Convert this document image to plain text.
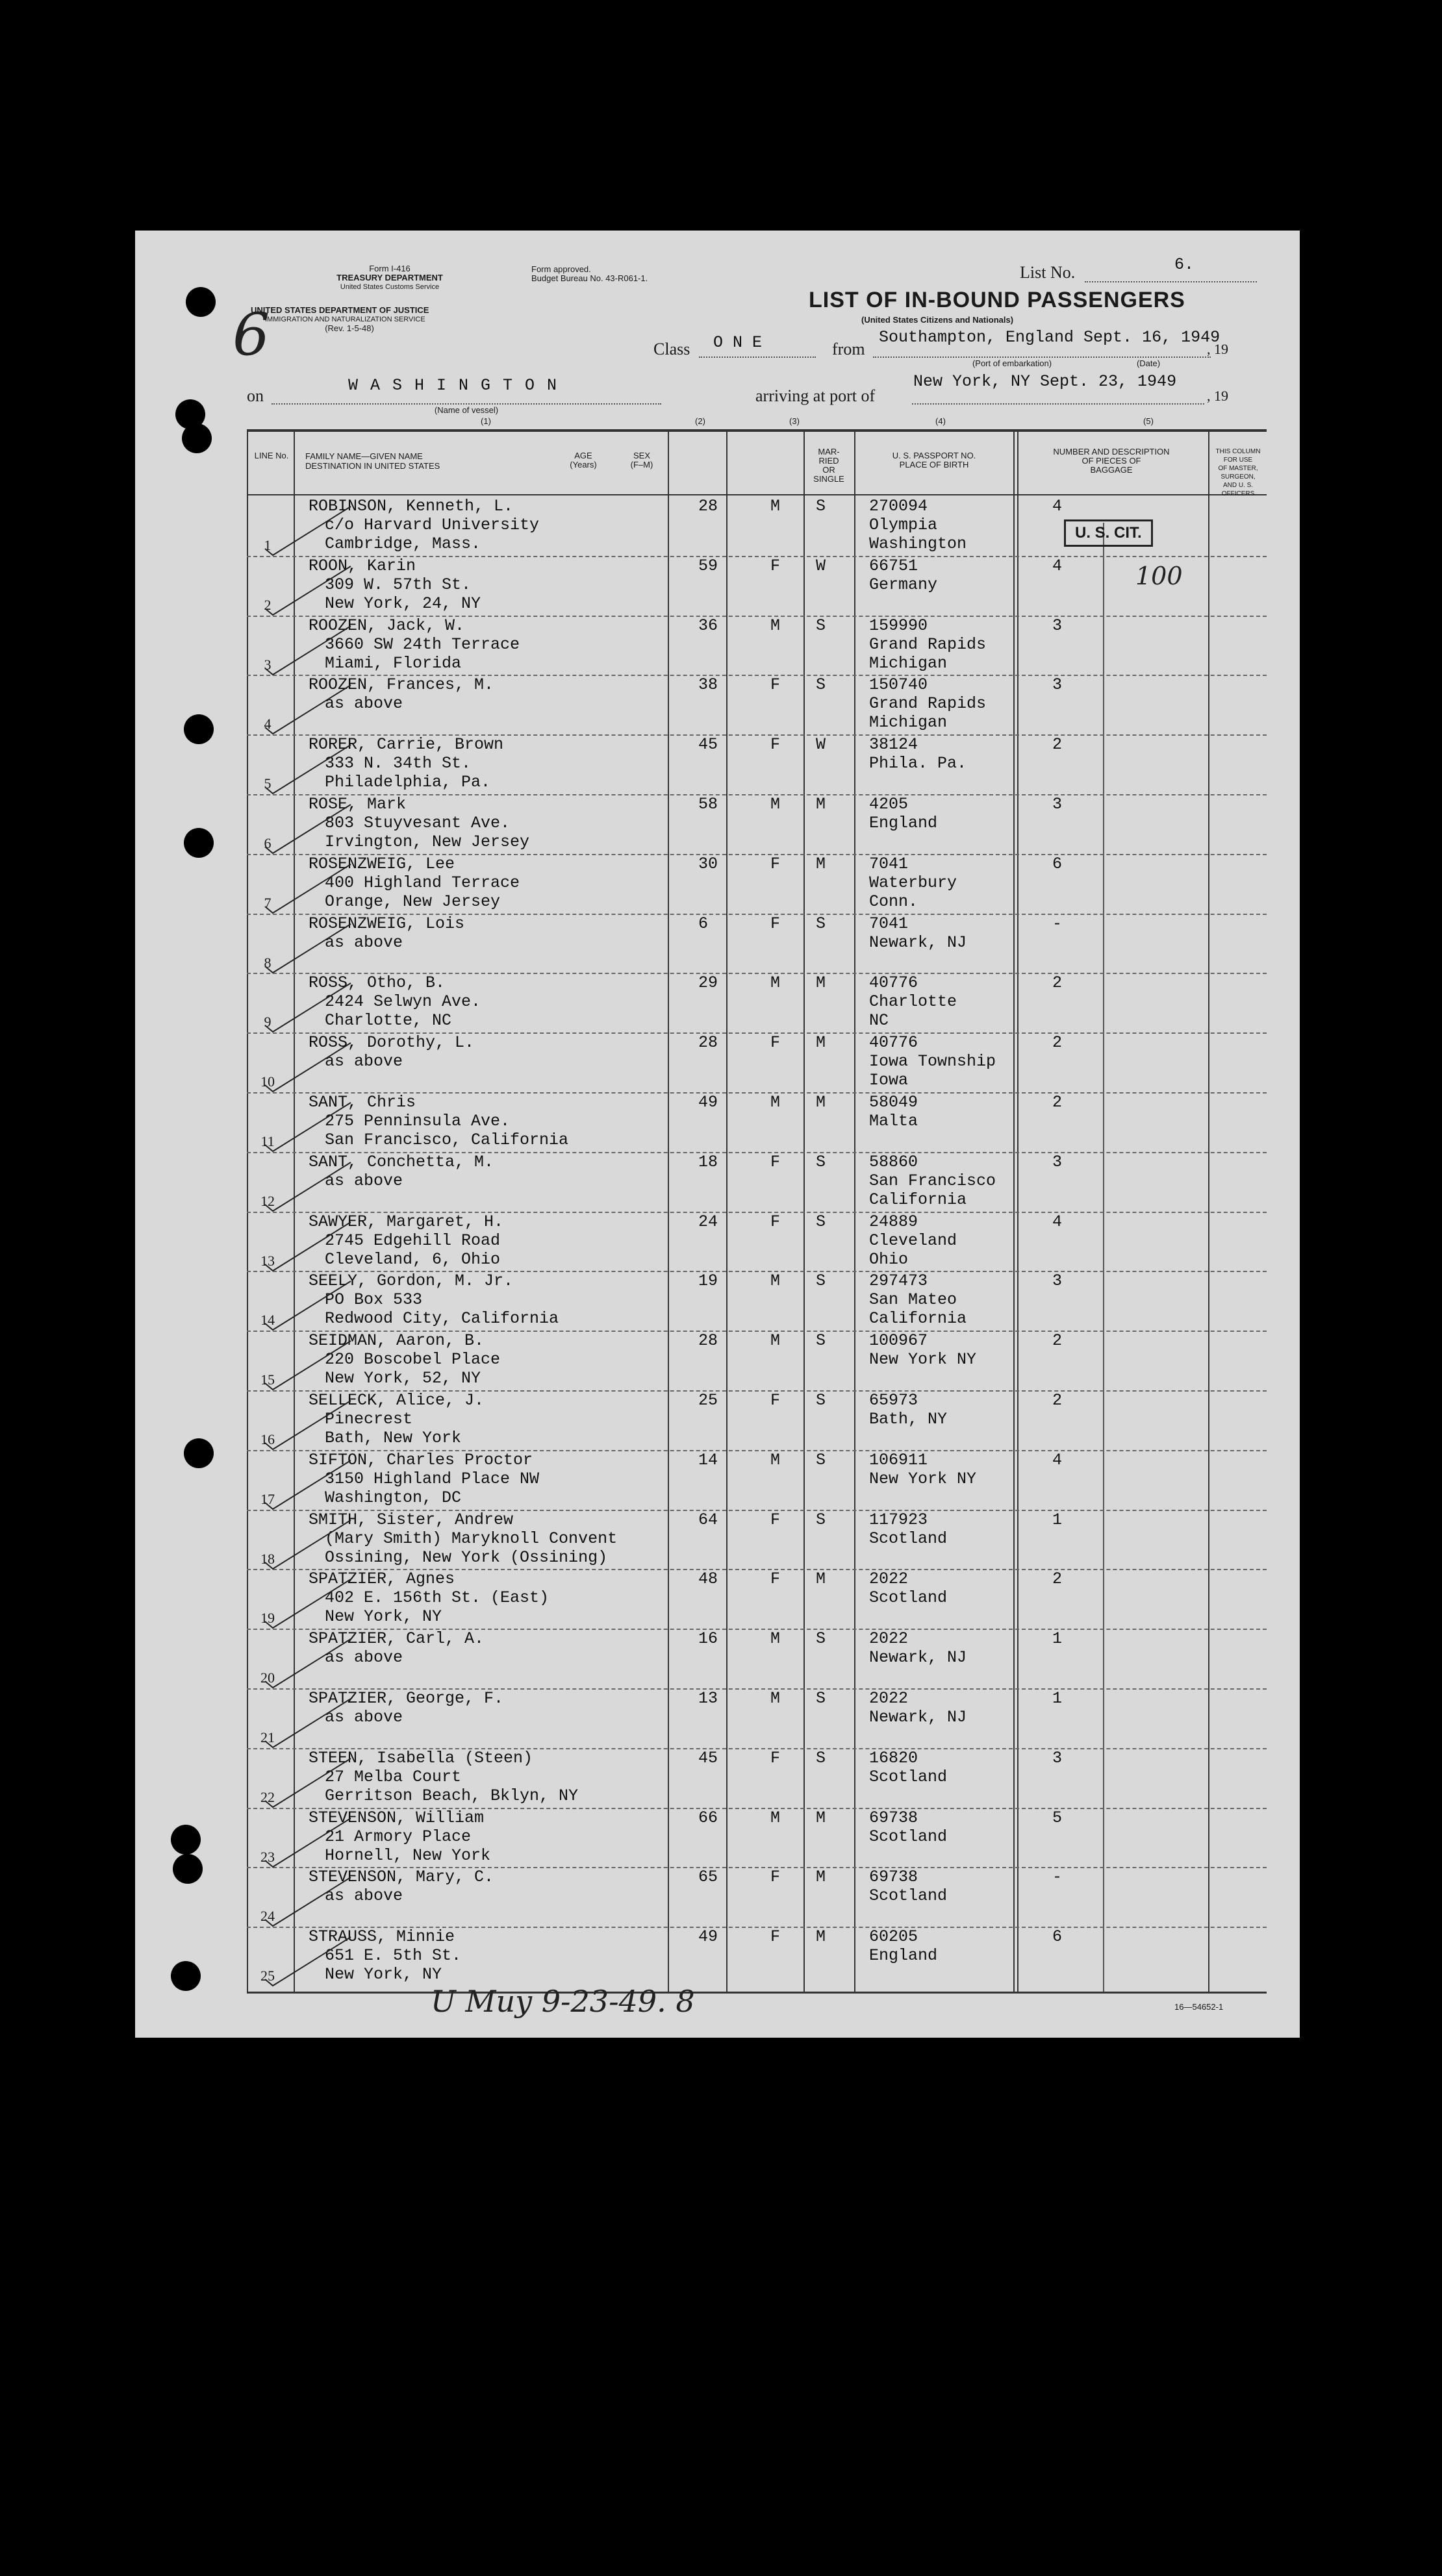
6
Form I-416
TREASURY DEPARTMENT
United States Customs Service
Form approved.
Budget Bureau No. 43-R061-1.
UNITED STATES DEPARTMENT OF JUSTICE
IMMIGRATION AND NATURALIZATION SERVICE
(Rev. 1-5-48)
List No.	6.
LIST OF IN-BOUND PASSENGERS
(United States Citizens and Nationals)
Class O N E	from
Southampton, England Sept. 16, 1949
, 19
(Port of embarkation)	(Date)
on
W A S H I N G T O N
(Name of vessel)
arriving at port of
New York, NY Sept. 23, 1949
, 19
(1)	(2)	(3)	(4)	(5)
LINE No. FAMILY NAME—GIVEN NAME
DESTINATION IN UNITED STATES
AGE
(Years)
SEX
(F–M)
MAR-
RIED
OR
SINGLE
U. S. PASSPORT NO.
PLACE OF BIRTH
NUMBER AND DESCRIPTION
OF PIECES OF
BAGGAGE
THIS COLUMN FOR USE
OF MASTER, SURGEON,
AND U. S. OFFICERS
U. S. CIT.
100
1
ROBINSON, Kenneth, L.
c/o Harvard University
Cambridge, Mass.
28	M S	270094
Olympia
Washington
4
2
ROON, Karin
309 W. 57th St.
New York, 24, NY
59	F W	66751
Germany
4
3
ROOZEN, Jack, W.
3660 SW 24th Terrace
Miami, Florida
36	M S	159990
Grand Rapids
Michigan
3
4
ROOZEN, Frances, M.
as above
38	F S	150740
Grand Rapids
Michigan
3
5
RORER, Carrie, Brown
333 N. 34th St.
Philadelphia, Pa.
45	F W	38124
Phila. Pa.
2
6
ROSE, Mark
803 Stuyvesant Ave.
Irvington, New Jersey
58	M M	4205
England
3
7
ROSENZWEIG, Lee
400 Highland Terrace
Orange, New Jersey
30	F M	7041
Waterbury
Conn.
6
8
ROSENZWEIG, Lois
as above
6	F S	7041
Newark, NJ
-
9
ROSS, Otho, B.
2424 Selwyn Ave.
Charlotte, NC
29	M M	40776
Charlotte
NC
2
10
ROSS, Dorothy, L.
as above
28	F M	40776
Iowa Township
Iowa
2
11
SANT, Chris
275 Penninsula Ave.
San Francisco, California
49	M M	58049
Malta
2
12
SANT, Conchetta, M.
as above
18	F S	58860
San Francisco
California
3
13
SAWYER, Margaret, H.
2745 Edgehill Road
Cleveland, 6, Ohio
24	F S	24889
Cleveland
Ohio
4
14
SEELY, Gordon, M. Jr.
PO Box 533
Redwood City, California
19	M S	297473
San Mateo
California
3
15
SEIDMAN, Aaron, B.
220 Boscobel Place
New York, 52, NY
28	M S	100967
New York NY
2
16
SELLECK, Alice, J.
Pinecrest
Bath, New York
25	F S	65973
Bath, NY
2
17
SIFTON, Charles Proctor
3150 Highland Place NW
Washington, DC
14	M S	106911
New York NY
4
18
SMITH, Sister, Andrew
(Mary Smith) Maryknoll Convent
Ossining, New York (Ossining)
64	F S	117923
Scotland
1
19
SPATZIER, Agnes
402 E. 156th St. (East)
New York, NY
48	F M	2022
Scotland
2
20
SPATZIER, Carl, A.
as above
16	M S	2022
Newark, NJ
1
21
SPATZIER, George, F.
as above
13	M S	2022
Newark, NJ
1
22
STEEN, Isabella (Steen)
27 Melba Court
Gerritson Beach, Bklyn, NY
45	F S	16820
Scotland
3
23
STEVENSON, William
21 Armory Place
Hornell, New York
66	M M	69738
Scotland
5
24
STEVENSON, Mary, C.
as above
65	F M	69738
Scotland
-
25
STRAUSS, Minnie
651 E. 5th St.
New York, NY
49	F M	60205
England
6
U Muy 9-23-49. 8	16—54652-1
